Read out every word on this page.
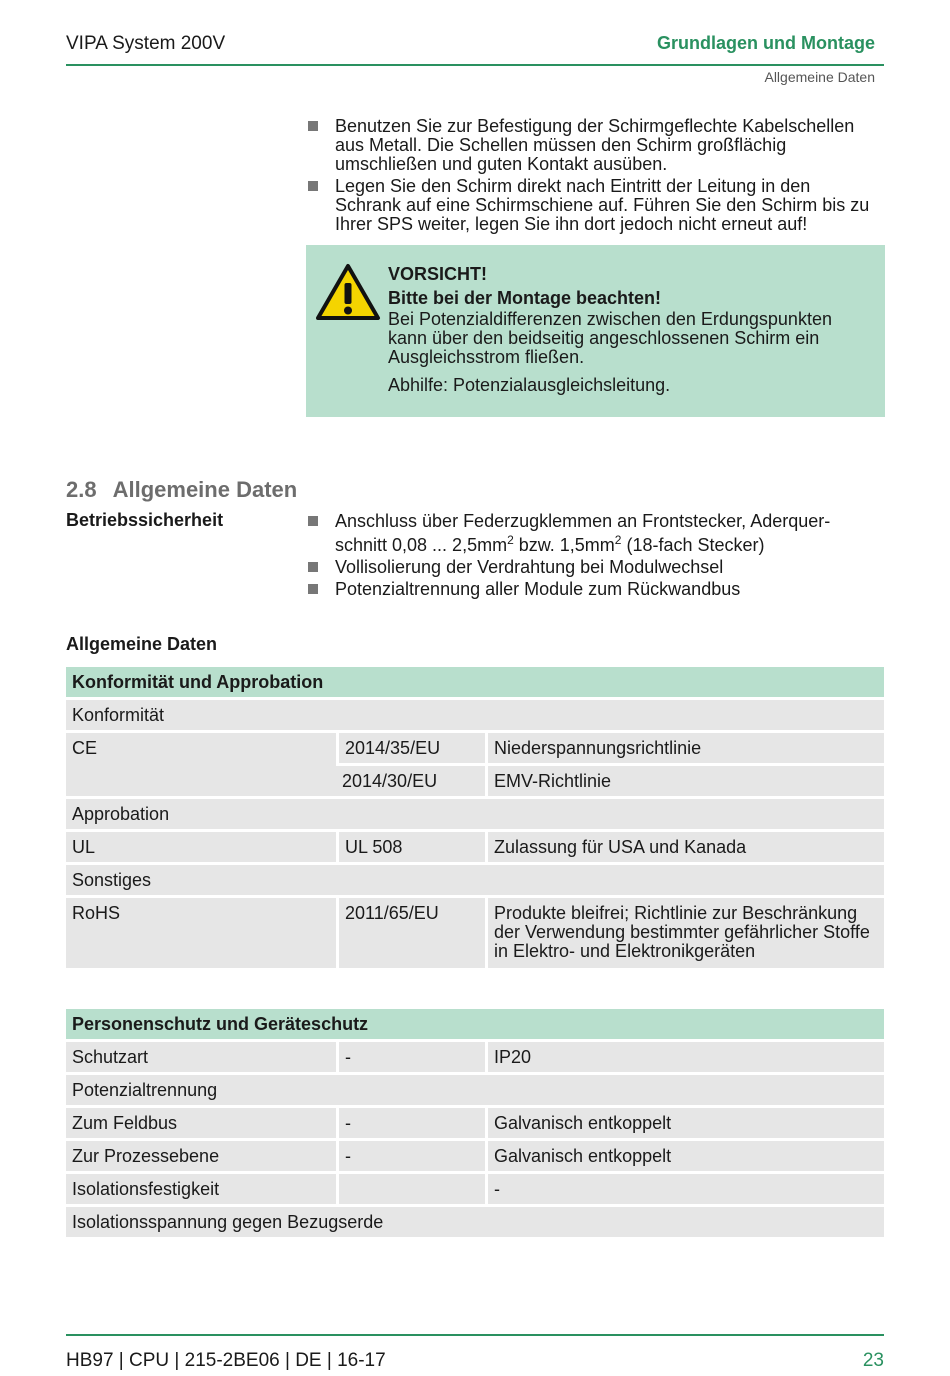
VIPA System 200V	Grundlagen und Montage
Allgemeine Daten
Benutzen Sie zur Befestigung der Schirmgeflechte Kabelschellen aus Metall. Die Schellen müssen den Schirm großflächig umschließen und guten Kontakt ausüben.
Legen Sie den Schirm direkt nach Eintritt der Leitung in den Schrank auf eine Schirmschiene auf. Führen Sie den Schirm bis zu Ihrer SPS weiter, legen Sie ihn dort jedoch nicht erneut auf!
VORSICHT!
Bitte bei der Montage beachten!

Bei Potenzialdifferenzen zwischen den Erdungspunkten kann über den beidseitig angeschlossenen Schirm ein Ausgleichsstrom fließen.

Abhilfe: Potenzialausgleichsleitung.

2.8 Allgemeine Daten
Betriebssicherheit	Anschluss über Federzugklemmen an Frontstecker, Aderquer-schnitt 0,08 ... $2,5mm^2$ bzw. $1,5mm^2$ (18-fach Stecker)
Vollisolierung der Verdrahtung bei Modulwechsel
Potenzialtrennung aller Module zum Rückwandbus
Allgemeine Daten
Konformität und Approbation		
Konformität		
CE	2014/35/EU	Niederspannungsrichtlinie
	2014/30/EU	EMV-Richtlinie
Approbation		
UL	UL 508	Zulassung für USA und Kanada
Sonstiges		
RoHS	2011/65/EU	Produkte bleifrei; Richtlinie zur Beschränkung der Verwendung bestimmter gefährlicher Stoffe in Elektro- und Elektronikgeräten
Personenschutz und Geräteschutz		
Schutzart	-	IP20
Potenzialtrennung		
Zum Feldbus	-	Galvanisch entkoppelt
Zur Prozessebene	-	Galvanisch entkoppelt
Isolationsfestigkeit		-
Isolationsspannung gegen Bezugserde		
HB97 | CPU | 215-2BE06 | DE | 16-17	23
